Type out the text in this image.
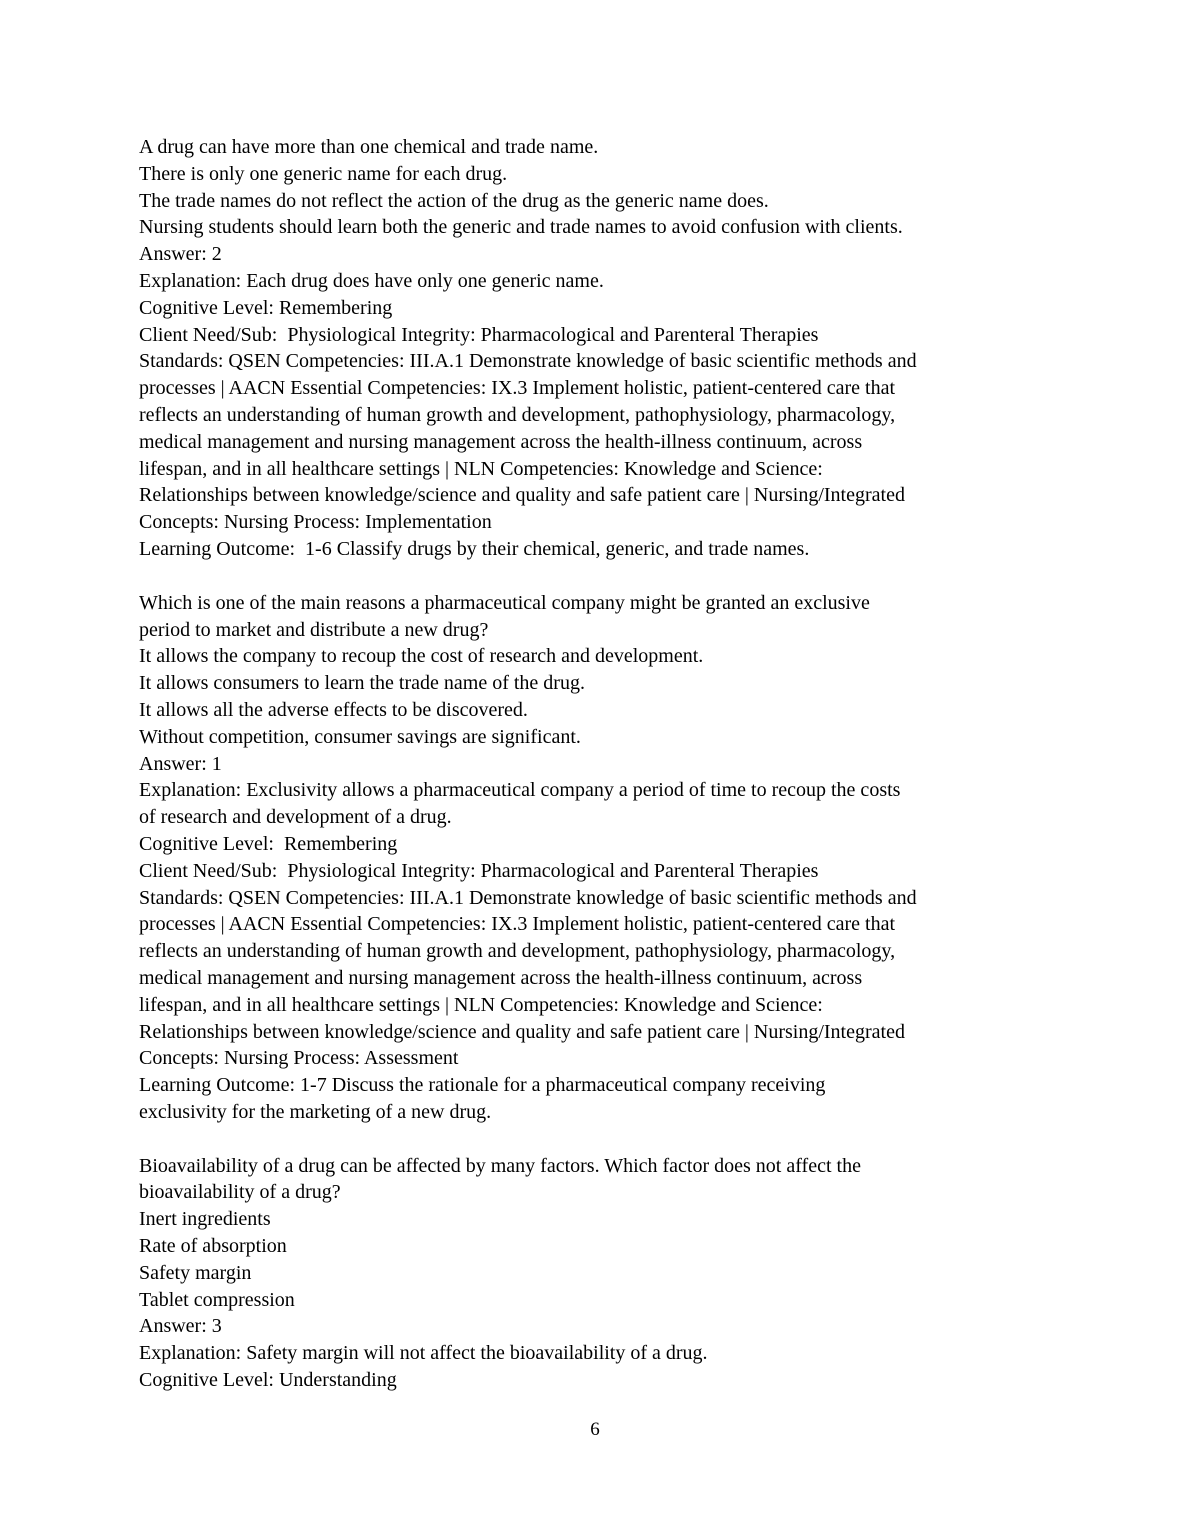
A drug can have more than one chemical and trade name.
There is only one generic name for each drug.
The trade names do not reflect the action of the drug as the generic name does.
Nursing students should learn both the generic and trade names to avoid confusion with clients.
Answer: 2
Explanation: Each drug does have only one generic name.
Cognitive Level: Remembering
Client Need/Sub:  Physiological Integrity: Pharmacological and Parenteral Therapies
Standards: QSEN Competencies: III.A.1 Demonstrate knowledge of basic scientific methods and
processes | AACN Essential Competencies: IX.3 Implement holistic, patient-centered care that
reflects an understanding of human growth and development, pathophysiology, pharmacology,
medical management and nursing management across the health-illness continuum, across
lifespan, and in all healthcare settings | NLN Competencies: Knowledge and Science:
Relationships between knowledge/science and quality and safe patient care | Nursing/Integrated
Concepts: Nursing Process: Implementation
Learning Outcome:  1-6 Classify drugs by their chemical, generic, and trade names.
Which is one of the main reasons a pharmaceutical company might be granted an exclusive
period to market and distribute a new drug?
It allows the company to recoup the cost of research and development.
It allows consumers to learn the trade name of the drug.
It allows all the adverse effects to be discovered.
Without competition, consumer savings are significant.
Answer: 1
Explanation: Exclusivity allows a pharmaceutical company a period of time to recoup the costs
of research and development of a drug.
Cognitive Level:  Remembering
Client Need/Sub:  Physiological Integrity: Pharmacological and Parenteral Therapies
Standards: QSEN Competencies: III.A.1 Demonstrate knowledge of basic scientific methods and
processes | AACN Essential Competencies: IX.3 Implement holistic, patient-centered care that
reflects an understanding of human growth and development, pathophysiology, pharmacology,
medical management and nursing management across the health-illness continuum, across
lifespan, and in all healthcare settings | NLN Competencies: Knowledge and Science:
Relationships between knowledge/science and quality and safe patient care | Nursing/Integrated
Concepts: Nursing Process: Assessment
Learning Outcome: 1-7 Discuss the rationale for a pharmaceutical company receiving
exclusivity for the marketing of a new drug.
Bioavailability of a drug can be affected by many factors. Which factor does not affect the
bioavailability of a drug?
Inert ingredients
Rate of absorption
Safety margin
Tablet compression
Answer: 3
Explanation: Safety margin will not affect the bioavailability of a drug.
Cognitive Level: Understanding
6
